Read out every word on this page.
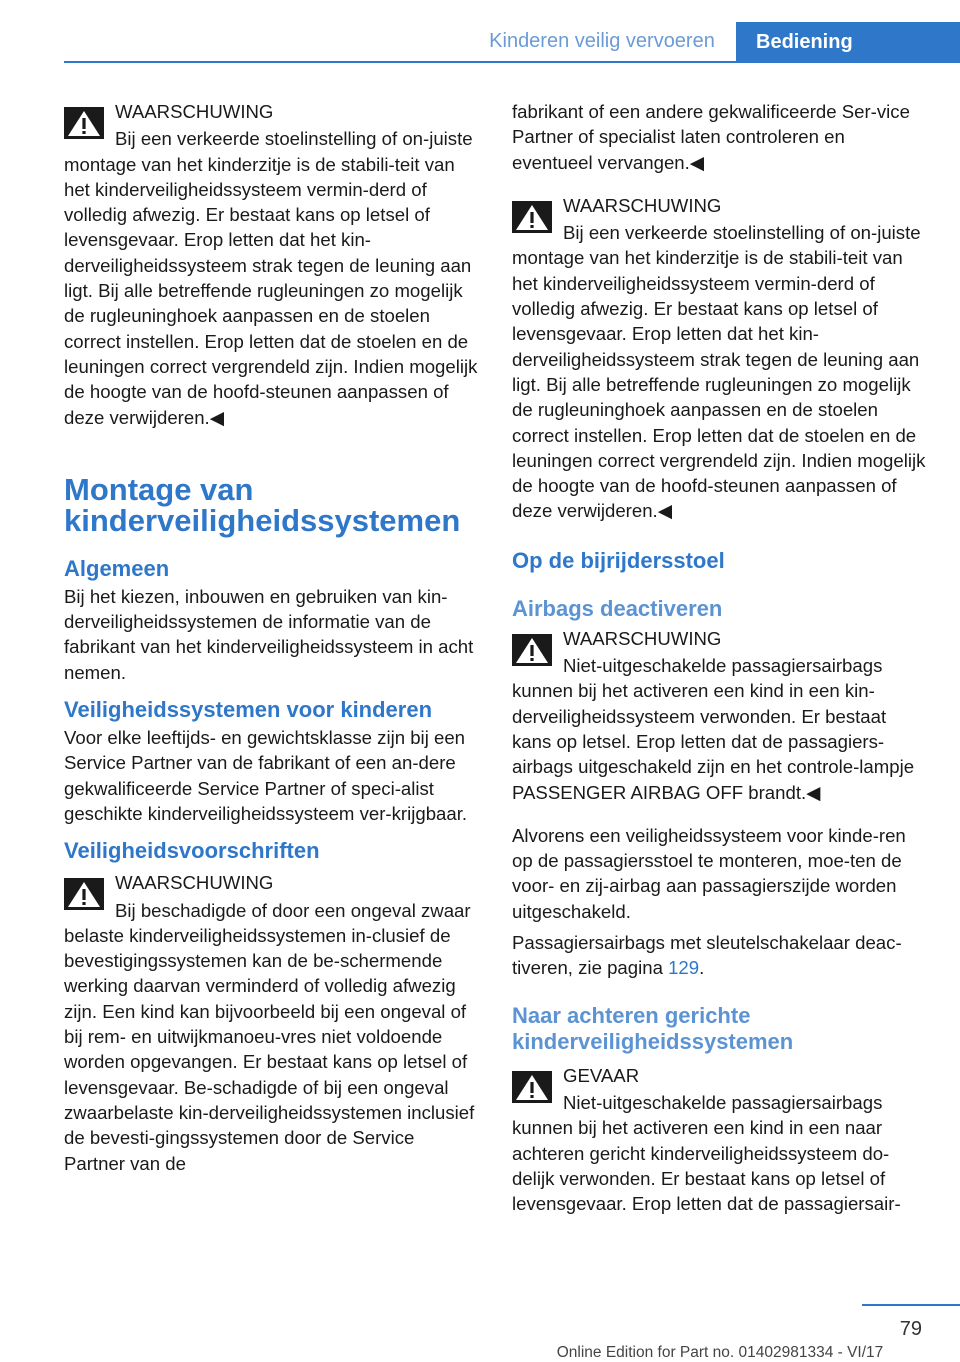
Kinderen veilig vervoeren	Bediening
WAARSCHUWING
Bij een verkeerde stoelinstelling of on-juiste montage van het kinderzitje is de stabili-teit van het kinderveiligheidssysteem vermin-derd of volledig afwezig. Er bestaat kans op letsel of levensgevaar. Erop letten dat het kin-derveiligheidssysteem strak tegen de leuning aan ligt. Bij alle betreffende rugleuningen zo mogelijk de rugleuninghoek aanpassen en de stoelen correct instellen. Erop letten dat de stoelen en de leuningen correct vergrendeld zijn. Indien mogelijk de hoogte van de hoofd-steunen aanpassen of deze verwijderen.◀
Montage van
kinderveiligheidssystemen
Algemeen

Bij het kiezen, inbouwen en gebruiken van kin-derveiligheidssystemen de informatie van de fabrikant van het kinderveiligheidssysteem in acht nemen.

Veiligheidssystemen voor kinderen

Voor elke leeftijds- en gewichtsklasse zijn bij een Service Partner van de fabrikant of een an-dere gekwalificeerde Service Partner of speci-alist geschikte kinderveiligheidssysteem ver-krijgbaar.

Veiligheidsvoorschriften
WAARSCHUWING
Bij beschadigde of door een ongeval zwaar belaste kinderveiligheidssystemen in-clusief de bevestigingssystemen kan de be-schermende werking daarvan verminderd of volledig afwezig zijn. Een kind kan bijvoorbeeld bij een ongeval of bij rem- en uitwijkmanoeu-vres niet voldoende worden opgevangen. Er bestaat kans op letsel of levensgevaar. Be-schadigde of bij een ongeval zwaarbelaste kin-derveiligheidssystemen inclusief de bevesti-gingssystemen door de Service Partner van de

fabrikant of een andere gekwalificeerde Ser-vice Partner of specialist laten controleren en eventueel vervangen.◀

WAARSCHUWING
Bij een verkeerde stoelinstelling of on-juiste montage van het kinderzitje is de stabili-teit van het kinderveiligheidssysteem vermin-derd of volledig afwezig. Er bestaat kans op letsel of levensgevaar. Erop letten dat het kin-derveiligheidssysteem strak tegen de leuning aan ligt. Bij alle betreffende rugleuningen zo mogelijk de rugleuninghoek aanpassen en de stoelen correct instellen. Erop letten dat de stoelen en de leuningen correct vergrendeld zijn. Indien mogelijk de hoogte van de hoofd-steunen aanpassen of deze verwijderen.◀
Op de bijrijdersstoel
Airbags deactiveren
WAARSCHUWING
Niet-uitgeschakelde passagiersairbags kunnen bij het activeren een kind in een kin-derveiligheidssysteem verwonden. Er bestaat kans op letsel. Erop letten dat de passagiers-airbags uitgeschakeld zijn en het controle-lampje PASSENGER AIRBAG OFF brandt.◀

Alvorens een veiligheidssysteem voor kinde-ren op de passagiersstoel te monteren, moe-ten de voor- en zij-airbag aan passagierszijde worden uitgeschakeld.

Passagiersairbags met sleutelschakelaar deac-tiveren, zie pagina 129.

Naar achteren gerichte
kinderveiligheidssystemen
GEVAAR
Niet-uitgeschakelde passagiersairbags kunnen bij het activeren een kind in een naar achteren gericht kinderveiligheidssysteem do-delijk verwonden. Er bestaat kans op letsel of levensgevaar. Erop letten dat de passagiersair-
79
Online Edition for Part no. 01402981334 - VI/17
